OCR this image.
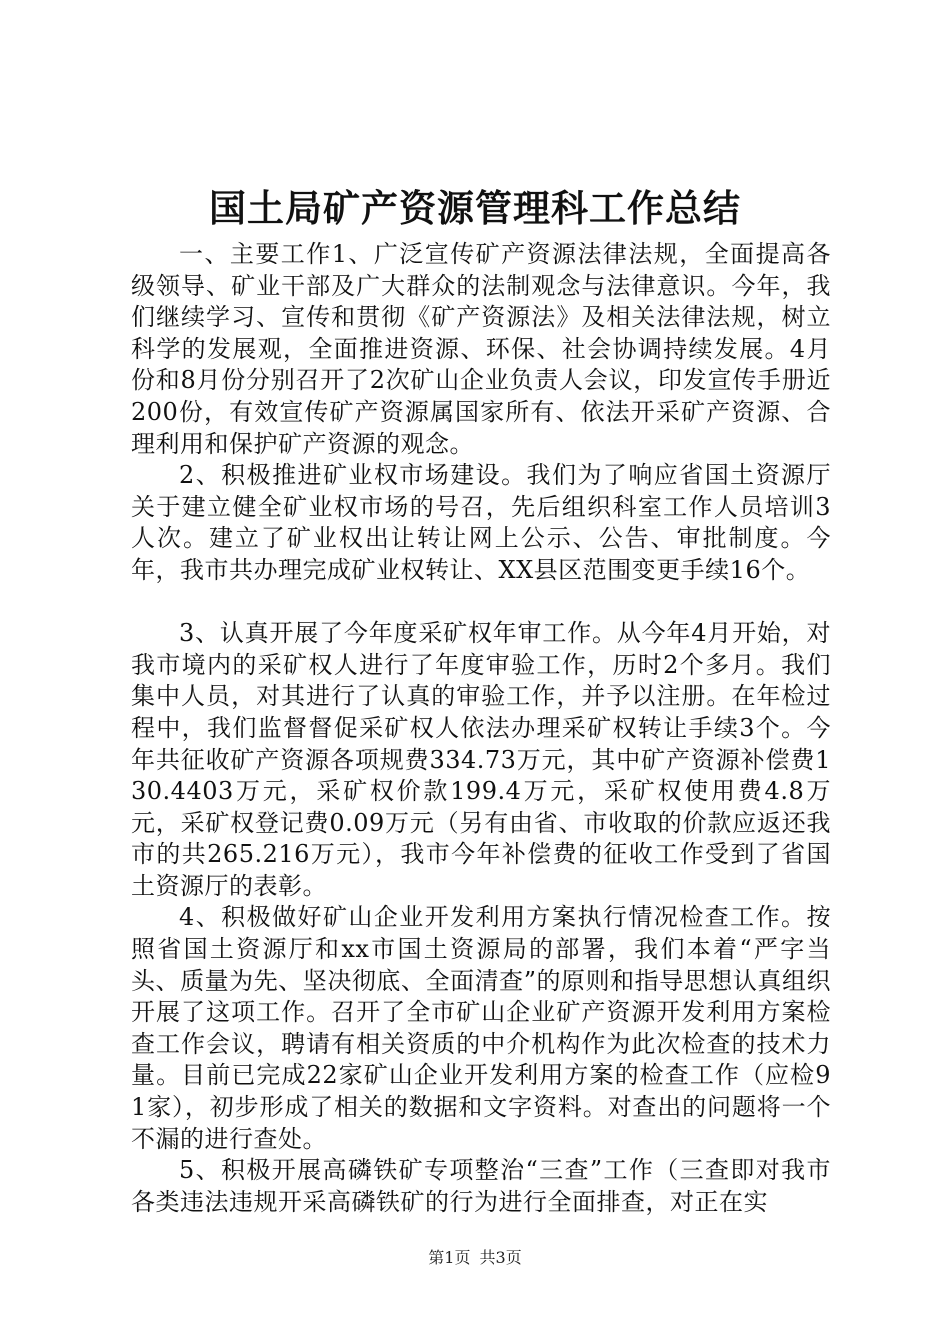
国土局矿产资源管理科工作总结

一、主要工作1、广泛宣传矿产资源法律法规，全面提高各级领导、矿业干部及广大群众的法制观念与法律意识。今年，我们继续学习、宣传和贯彻《矿产资源法》及相关法律法规，树立科学的发展观，全面推进资源、环保、社会协调持续发展。4月份和8月份分别召开了2次矿山企业负责人会议，印发宣传手册近200份，有效宣传矿产资源属国家所有、依法开采矿产资源、合理利用和保护矿产资源的观念。

2、积极推进矿业权市场建设。我们为了响应省国土资源厅关于建立健全矿业权市场的号召，先后组织科室工作人员培训3人次。建立了矿业权出让转让网上公示、公告、审批制度。今年，我市共办理完成矿业权转让、XX县区范围变更手续16个。

3、认真开展了今年度采矿权年审工作。从今年4月开始，对我市境内的采矿权人进行了年度审验工作，历时2个多月。我们集中人员，对其进行了认真的审验工作，并予以注册。在年检过程中，我们监督督促采矿权人依法办理采矿权转让手续3个。今年共征收矿产资源各项规费334.73万元，其中矿产资源补偿费130.4403万元，采矿权价款199.4万元，采矿权使用费4.8万元，采矿权登记费0.09万元（另有由省、市收取的价款应返还我市的共265.216万元），我市今年补偿费的征收工作受到了省国土资源厅的表彰。

4、积极做好矿山企业开发利用方案执行情况检查工作。按照省国土资源厅和xx市国土资源局的部署，我们本着“严字当头、质量为先、坚决彻底、全面清查”的原则和指导思想认真组织开展了这项工作。召开了全市矿山企业矿产资源开发利用方案检查工作会议，聘请有相关资质的中介机构作为此次检查的技术力量。目前已完成22家矿山企业开发利用方案的检查工作（应检91家），初步形成了相关的数据和文字资料。对查出的问题将一个不漏的进行查处。

5、积极开展高磷铁矿专项整治“三查”工作（三查即对我市各类违法违规开采高磷铁矿的行为进行全面排查，对正在实

第1页 共3页
